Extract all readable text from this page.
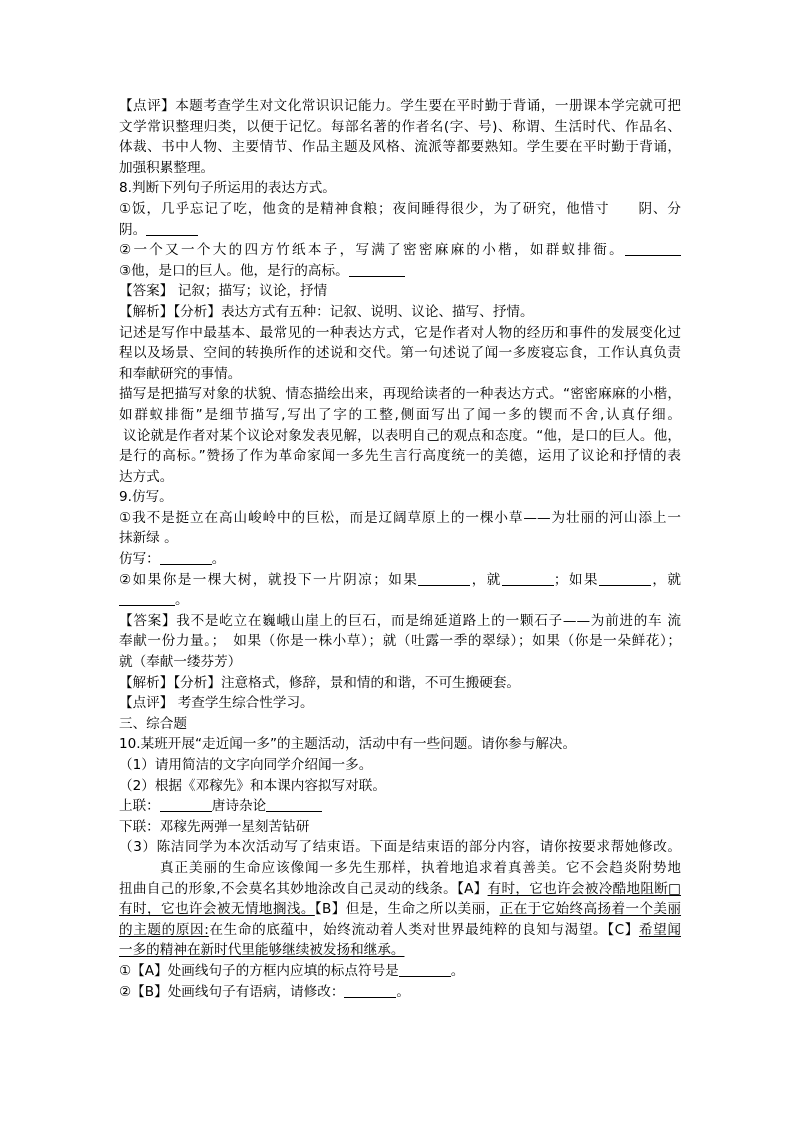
【点评】本题考查学生对文化常识识记能力。学生要在平时勤于背诵，一册课本学完就可把
文学常识整理归类，以便于记忆。每部名著的作者名(字、号)、称谓、生活时代、作品名、
体裁、书中人物、主要情节、作品主题及风格、流派等都要熟知。学生要在平时勤于背诵，
加强积累整理。
8.判断下列句子所运用的表达方式。
①饭，几乎忘记了吃，他贪的是精神食粮；夜间睡得很少，为了研究，他惜寸　　阴、分
阴。
②一个又一个大的四方竹纸本子，写满了密密麻麻的小楷，如群蚁排衙。
③他，是口的巨人。他，是行的高标。
【答案】 记叙；描写；议论，抒情
【解析】【分析】表达方式有五种：记叙、说明、议论、描写、抒情。
记述是写作中最基本、最常见的一种表达方式，它是作者对人物的经历和事件的发展变化过
程以及场景、空间的转换所作的述说和交代。第一句述说了闻一多废寝忘食，工作认真负责
和奉献研究的事情。
描写是把描写对象的状貌、情态描绘出来，再现给读者的一种表达方式。“密密麻麻的小楷，
如群蚁排衙”是细节描写,写出了字的工整,侧面写出了闻一多的锲而不舍,认真仔细。
议论就是作者对某个议论对象发表见解，以表明自己的观点和态度。“他，是口的巨人。他，
是行的高标。”赞扬了作为革命家闻一多先生言行高度统一的美德，运用了议论和抒情的表
达方式。
9.仿写。
①我不是挺立在高山峻岭中的巨松，而是辽阔草原上的一棵小草——为壮丽的河山添上一
抹新绿 。
仿写：	。
②如果你是一棵大树，就投下一片阴凉；如果	，就	；如果	，就
。
【答案】我不是屹立在巍峨山崖上的巨石，而是绵延道路上的一颗石子——为前进的车 流
奉献一份力量。；　如果（你是一株小草）；就（吐露一季的翠绿）；如果（你是一朵鲜花）；
就（奉献一缕芬芳）
【解析】【分析】注意格式，修辞，景和情的和谐，不可生搬硬套。
【点评】 考查学生综合性学习。
三、综合题
10.某班开展“走近闻一多”的主题活动，活动中有一些问题。请你参与解决。
（1）请用简洁的文字向同学介绍闻一多。
（2）根据《邓稼先》和本课内容拟写对联。
上联：	唐诗杂论
下联：邓稼先两弹一星刻苦钻研
（3）陈洁同学为本次活动写了结束语。下面是结束语的部分内容，请你按要求帮她修改。
真正美丽的生命应该像闻一多先生那样，执着地追求着真善美。它不会趋炎附势地
扭曲自己的形象,不会莫名其妙地涂改自己灵动的线条。【A】有时，它也许会被冷酷地阻断□
有时，它也许会被无情地搁浅。【B】但是，生命之所以美丽，正在于它始终高扬着一个美丽
的主题的原因:在生命的底蕴中，始终流动着人类对世界最纯粹的良知与渴望。【C】希望闻
一多的精神在新时代里能够继续被发扬和继承。
①【A】处画线句子的方框内应填的标点符号是	。
②【B】处画线句子有语病，请修改：	。
